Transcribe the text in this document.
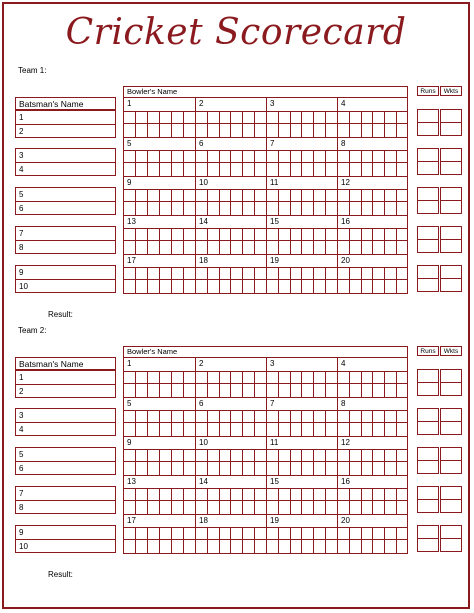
Cricket Scorecard
Team 1:
Bowler's Name
1	2	3	4
5	6	7	8
9	10	11	12
13	14	15	16
17	18	19	20
Runs	Wkts
Batsman's Name
1
2
3
4
5
6
7
8
9
10
Result:
Team 2:
Bowler's Name
1	2	3	4
5	6	7	8
9	10	11	12
13	14	15	16
17	18	19	20
Runs	Wkts
Batsman's Name
1
2
3
4
5
6
7
8
9
10
Result:
